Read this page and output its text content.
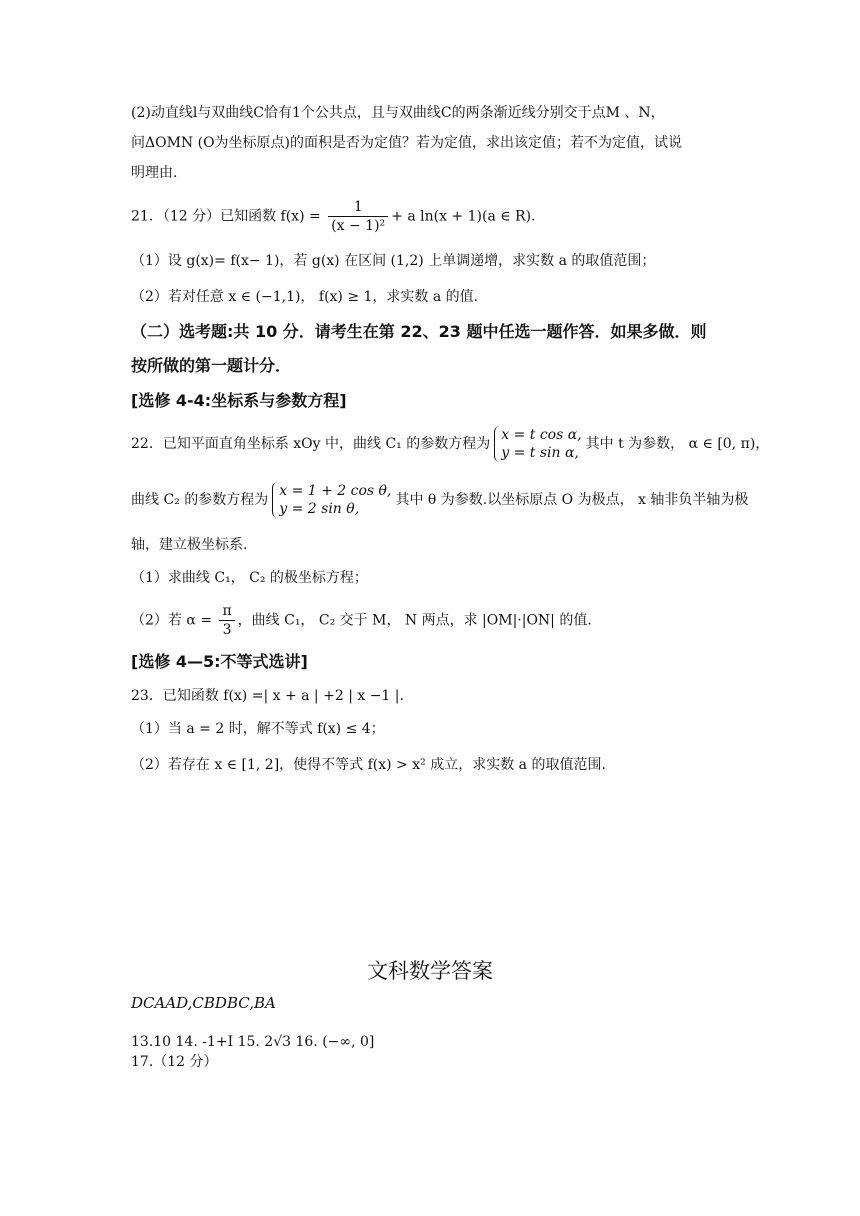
(2)动直线l与双曲线C恰有1个公共点，且与双曲线C的两条渐近线分别交于点M 、N，
问ΔOMN (O为坐标原点)的面积是否为定值？若为定值，求出该定值；若不为定值，试说
明理由.
21．（12 分）已知函数 $f(x) = \frac{1}{\text{(x − 1)²}} + a$ ln(x + 1)(a ∈ R).
（1）设 g(x)= f(x− 1)，若 g(x) 在区间 (1,2) 上单调递增，求实数 a 的取值范围；
（2）若对任意 x ∈ (−1,1)， f(x) ≥ 1，求实数 a 的值.
（二）选考题:共 10 分．请考生在第 22、23 题中任选一题作答．如果多做．则
按所做的第一题计分．
[选修 4-4:坐标系与参数方程]
22．已知平面直角坐标系 xOy 中，曲线 C₁ 的参数方程为
x = t cos α,
y = t sin α,
其中 t 为参数， α ∈ [0, π)，
曲线 C₂ 的参数方程为
x = 1 + 2 cos θ,
y = 2 sin θ,
其中 θ 为参数.以坐标原点 O 为极点， x 轴非负半轴为极
轴，建立极坐标系.
（1）求曲线 C₁， C₂ 的极坐标方程；
（2）若 $\alpha = \frac{\pi}{3}$ ，曲线 C₁， C₂ 交于 M， N 两点，求 |OM|·|ON| 的值.
[选修 4—5:不等式选讲]
23．已知函数 f(x) =| x + a | +2 | x −1 |.
（1）当 a = 2 时，解不等式 f(x) ≤ 4；
（2）若存在 x ∈ [1, 2]，使得不等式 f(x) > x² 成立，求实数 a 的取值范围.
文科数学答案
DCAAD,CBDBC,BA
13.10 14. -1+I 15. 2√3 16. (−∞, 0]
17.（12 分）
